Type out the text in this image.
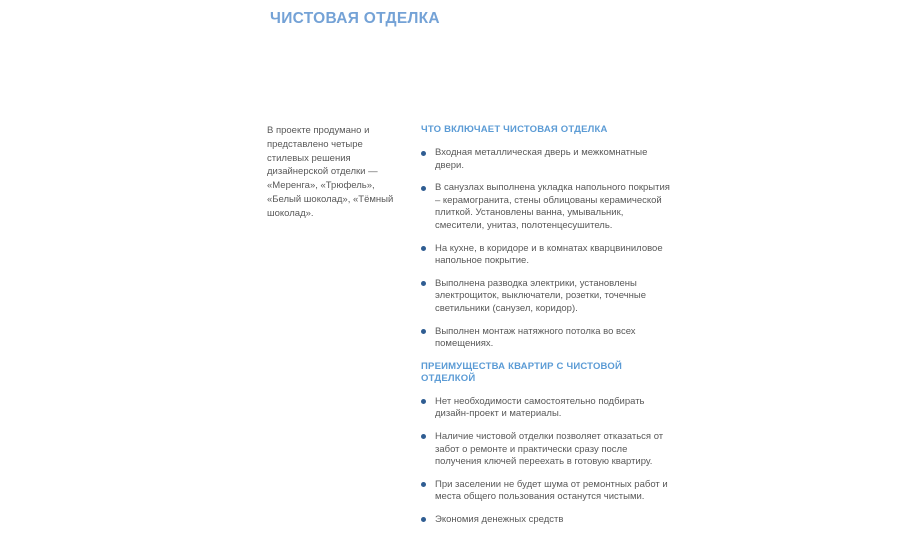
ЧИСТОВАЯ ОТДЕЛКА
В проекте продумано и представлено четыре стилевых решения дизайнерской отделки — «Меренга», «Трюфель», «Белый шоколад», «Тёмный шоколад».
ЧТО ВКЛЮЧАЕТ ЧИСТОВАЯ ОТДЕЛКА
Входная металлическая дверь и межкомнатные двери.
В санузлах выполнена укладка напольного покрытия – керамогранита, стены облицованы керамической плиткой. Установлены ванна, умывальник, смесители, унитаз, полотенцесушитель.
На кухне, в коридоре и в комнатах кварцвиниловое напольное покрытие.
Выполнена разводка электрики, установлены электрощиток, выключатели, розетки, точечные светильники (санузел, коридор).
Выполнен монтаж натяжного потолка во всех помещениях.
ПРЕИМУЩЕСТВА КВАРТИР С ЧИСТОВОЙ ОТДЕЛКОЙ
Нет необходимости самостоятельно подбирать дизайн-проект и материалы.
Наличие чистовой отделки позволяет отказаться от забот о ремонте и практически сразу после получения ключей переехать в готовую квартиру.
При заселении не будет шума от ремонтных работ и места общего пользования останутся чистыми.
Экономия денежных средств
